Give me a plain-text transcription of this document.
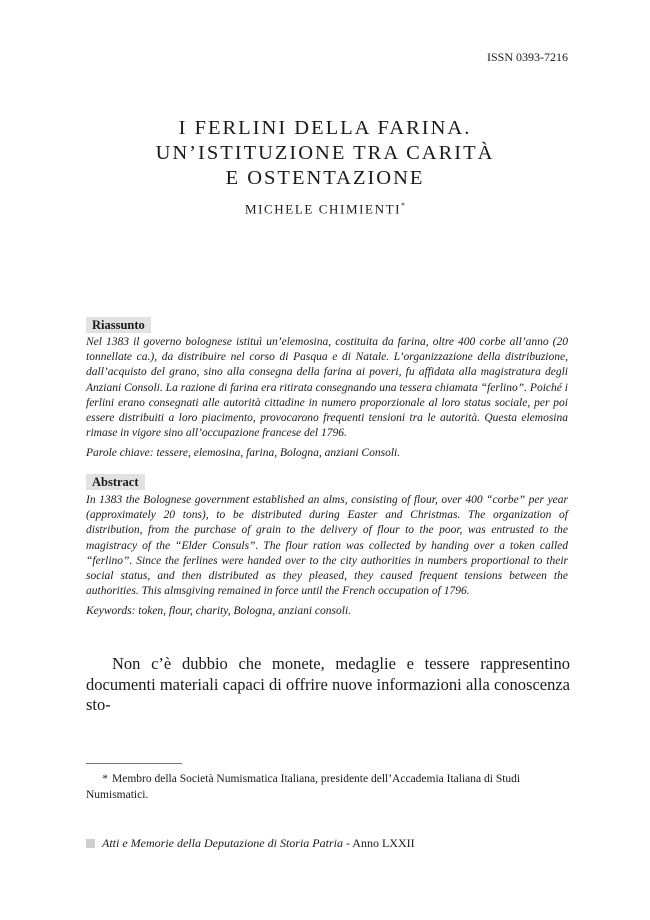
ISSN 0393-7216
I FERLINI DELLA FARINA.
UN’ISTITUZIONE TRA CARITÀ
E OSTENTAZIONE
MICHELE CHIMIENTI*
Riassunto

Nel 1383 il governo bolognese istituì un’elemosina, costituita da farina, oltre 400 corbe all’anno (20 tonnellate ca.), da distribuire nel corso di Pasqua e di Natale. L’organizzazione della distribuzione, dall’acquisto del grano, sino alla consegna della farina ai poveri, fu affidata alla magistratura degli Anziani Consoli. La razione di farina era ritirata consegnando una tessera chiamata “ferlino”. Poiché i ferlini erano consegnati alle autorità cittadine in numero proporzionale al loro status sociale, per poi essere distribuiti a loro piacimento, provocarono frequenti tensioni tra le autorità. Questa elemosina rimase in vigore sino all’occupazione francese del 1796.

Parole chiave: tessere, elemosina, farina, Bologna, anziani Consoli.

Abstract

In 1383 the Bolognese government established an alms, consisting of flour, over 400 “corbe” per year (approximately 20 tons), to be distributed during Easter and Christmas. The organization of distribution, from the purchase of grain to the delivery of flour to the poor, was entrusted to the magistracy of the “Elder Consuls”. The flour ration was collected by handing over a token called “ferlino”. Since the ferlines were handed over to the city authorities in numbers proportional to their social status, and then distributed as they pleased, they caused frequent tensions between the authorities. This almsgiving remained in force until the French occupation of 1796.

Keywords: token, flour, charity, Bologna, anziani consoli.

Non c’è dubbio che monete, medaglie e tessere rappresentino documenti materiali capaci di offrire nuove informazioni alla conoscenza sto-

* Membro della Società Numismatica Italiana, presidente dell’Accademia Italiana di Studi Numismatici.

Atti e Memorie della Deputazione di Storia Patria - Anno LXXII
